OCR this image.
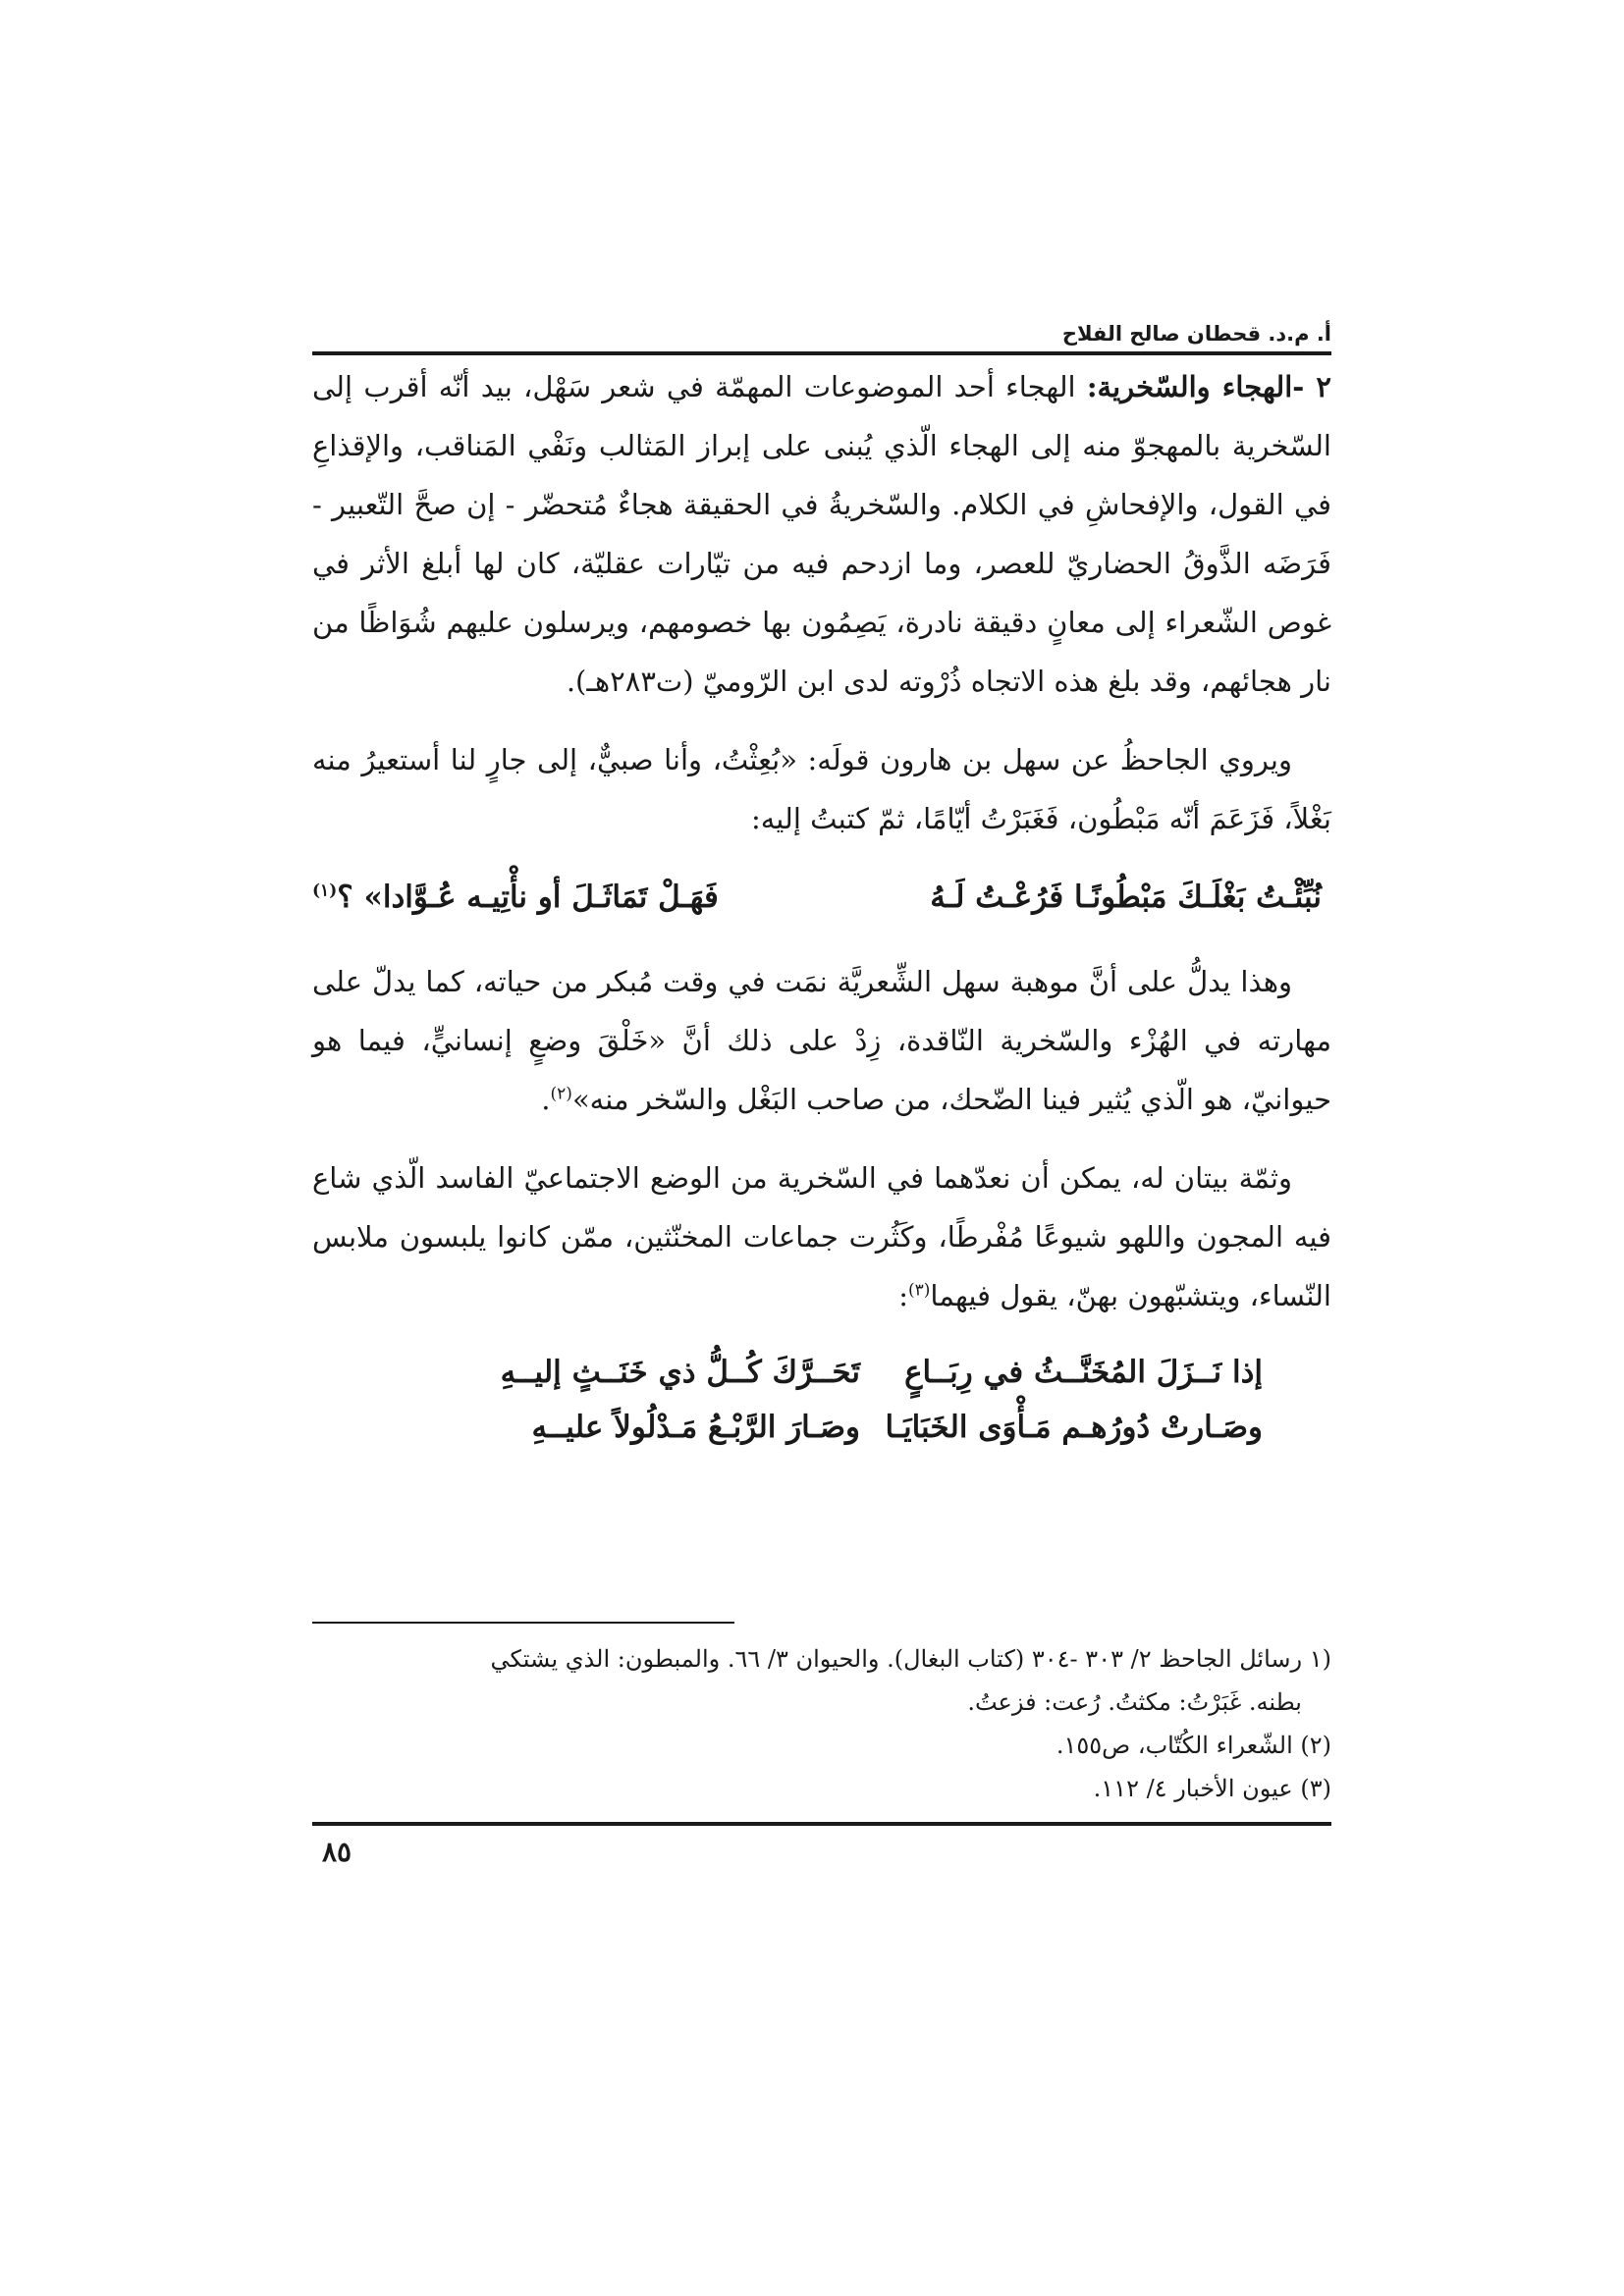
أ. م.د. قحطان صالح الفلاح

٢ -الهجاء والسّخرية: الهجاء أحد الموضوعات المهمّة في شعر سَهْل، بيد أنّه أقرب إلى السّخرية بالمهجوّ منه إلى الهجاء الّذي يُبنى على إبراز المَثالب ونَفْي المَناقب، والإقذاعِ في القول، والإفحاشِ في الكلام. والسّخريةُ في الحقيقة هجاءٌ مُتحضّر - إن صحَّ التّعبير - فَرَضَه الذَّوقُ الحضاريّ للعصر، وما ازدحم فيه من تيّارات عقليّة، كان لها أبلغ الأثر في غوص الشّعراء إلى معانٍ دقيقة نادرة، يَصِمُون بها خصومهم، ويرسلون عليهم شُوَاظًا من نار هجائهم، وقد بلغ هذه الاتجاه ذُرْوته لدى ابن الرّوميّ (ت٢٨٣هـ).

ويروي الجاحظُ عن سهل بن هارون قولَه: «بُعِثْتُ، وأنا صبيٌّ، إلى جارٍ لنا أستعيرُ منه بَغْلاً، فَزَعَمَ أنّه مَبْطُون، فَغَبَرْتُ أيّامًا، ثمّ كتبتُ إليه:

نُبِّئْـتُ بَغْلَـكَ مَبْطُونًـا فَرُعْـتُ لَـهُ
فَهَـلْ تَمَاثَـلَ أو نأْتِيـه عُـوَّادا» ؟$^{(١)}$

وهذا يدلُّ على أنَّ موهبة سهل الشِّعريَّة نمَت في وقت مُبكر من حياته، كما يدلّ على مهارته في الهُزْء والسّخرية النّاقدة، زِدْ على ذلك أنَّ «خَلْقَ وضعٍ إنسانيٍّ، فيما هو حيوانيّ، هو الّذي يُثير فينا الضّحك، من صاحب البَغْل والسّخر منه»$^{(٢)}$.

وثمّة بيتان له، يمكن أن نعدّهما في السّخرية من الوضع الاجتماعيّ الفاسد الّذي شاع فيه المجون واللهو شيوعًا مُفْرطًا، وكَثُرت جماعات المخنّثين، ممّن كانوا يلبسون ملابس النّساء، ويتشبّهون بهنّ، يقول فيهما$^{(٣)}$:

إذا نَــزَلَ المُخَنَّــثُ في رِبَــاعٍ
تَحَــرَّكَ كُــلُّ ذي خَنَــثٍ إليــهِ
وصَـارتْ دُورُهـم مَـأْوَى الخَبَايَـا
وصَـارَ الرَّبْـعُ مَـدْلُولاً عليــهِ

(١ رسائل الجاحظ ٢/ ٣٠٣ -٣٠٤ (كتاب البغال). والحيوان ٣/ ٦٦. والمبطون: الذي يشتكي

بطنه. غَبَرْتُ: مكثتُ. رُعت: فزعتُ.

(٢) الشّعراء الكُتّاب، ص١٥٥.

(٣) عيون الأخبار ٤/ ١١٢.

٨٥
